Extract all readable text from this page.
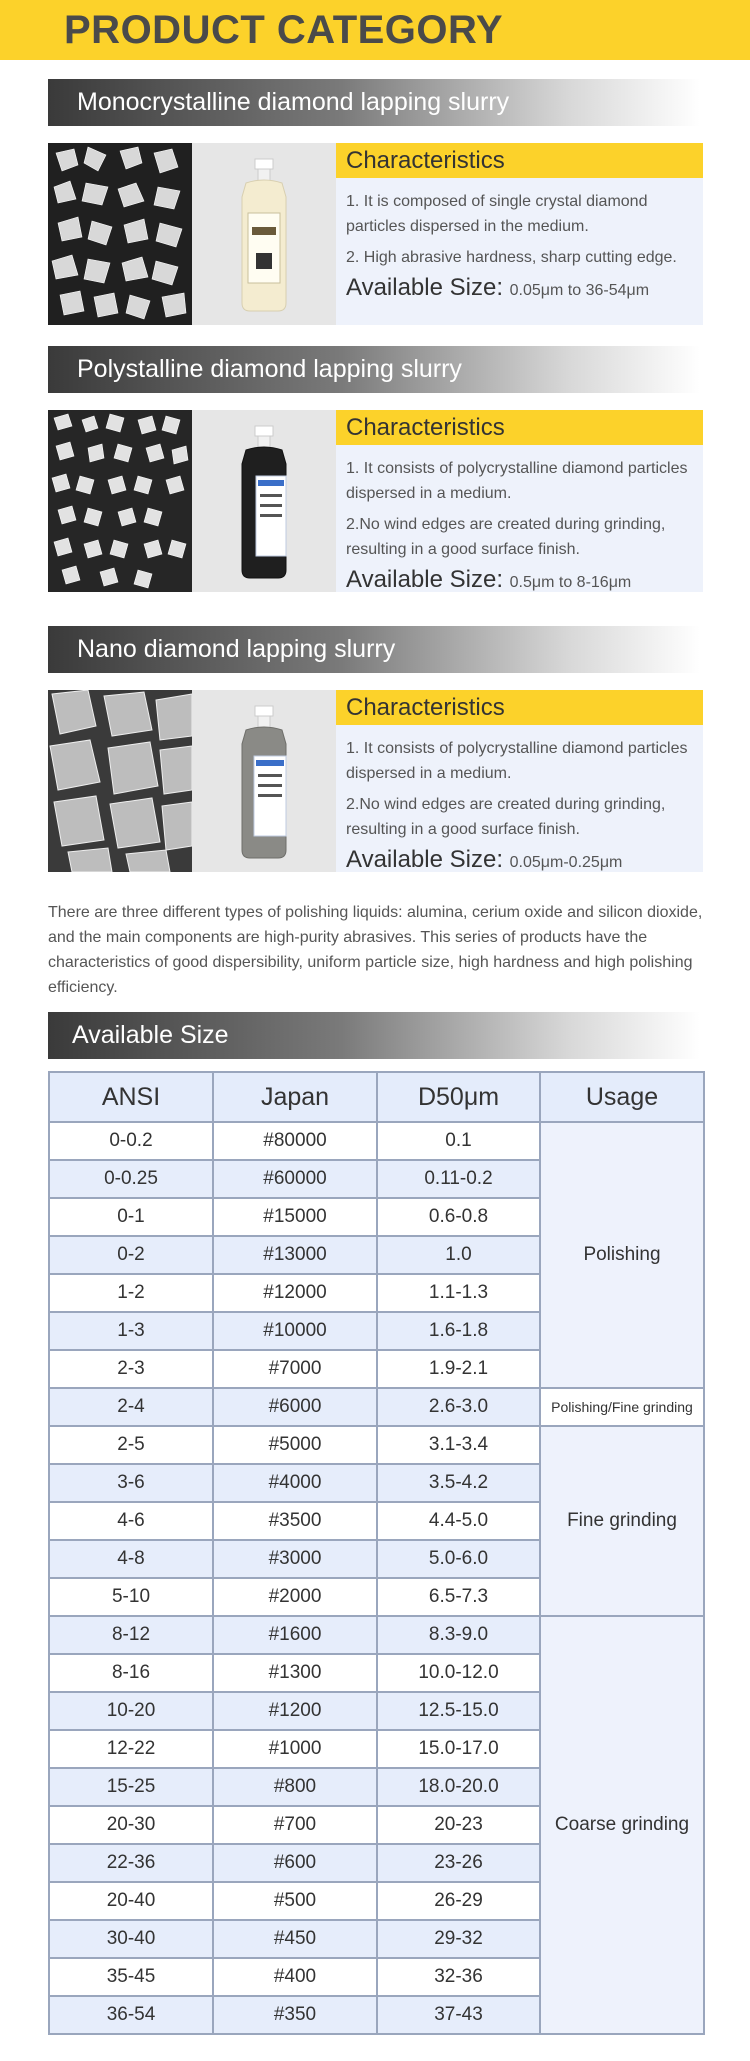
PRODUCT CATEGORY
Monocrystalline diamond lapping slurry
Characteristics

1. It is composed of single crystal diamond particles dispersed in the medium.

2. High abrasive hardness, sharp cutting edge.

Available Size: 0.05μm to 36-54μm
Polystalline diamond lapping slurry
Characteristics

1. It consists of polycrystalline diamond particles dispersed in a medium.

2.No wind edges are created during grinding, resulting in a good surface finish.

Available Size: 0.5μm to 8-16μm
Nano diamond lapping slurry
Characteristics

1. It consists of polycrystalline diamond particles dispersed in a medium.

2.No wind edges are created during grinding, resulting in a good surface finish.

Available Size: 0.05μm-0.25μm

There are three different types of polishing liquids: alumina, cerium oxide and silicon dioxide, and the main components are high-purity abrasives. This series of products have the characteristics of good dispersibility, uniform particle size, high hardness and high polishing efficiency.

Available Size
ANSI	Japan	D50μm	Usage
0-0.2	#80000	0.1	Polishing
0-0.25	#60000	0.11-0.2	
0-1	#15000	0.6-0.8	
0-2	#13000	1.0	
1-2	#12000	1.1-1.3	
1-3	#10000	1.6-1.8	
2-3	#7000	1.9-2.1	
2-4	#6000	2.6-3.0	Polishing/Fine grinding
2-5	#5000	3.1-3.4	Fine grinding
3-6	#4000	3.5-4.2	
4-6	#3500	4.4-5.0	
4-8	#3000	5.0-6.0	
5-10	#2000	6.5-7.3	
8-12	#1600	8.3-9.0	Coarse grinding
8-16	#1300	10.0-12.0	
10-20	#1200	12.5-15.0	
12-22	#1000	15.0-17.0	
15-25	#800	18.0-20.0	
20-30	#700	20-23	
22-36	#600	23-26	
20-40	#500	26-29	
30-40	#450	29-32	
35-45	#400	32-36	
36-54	#350	37-43	
